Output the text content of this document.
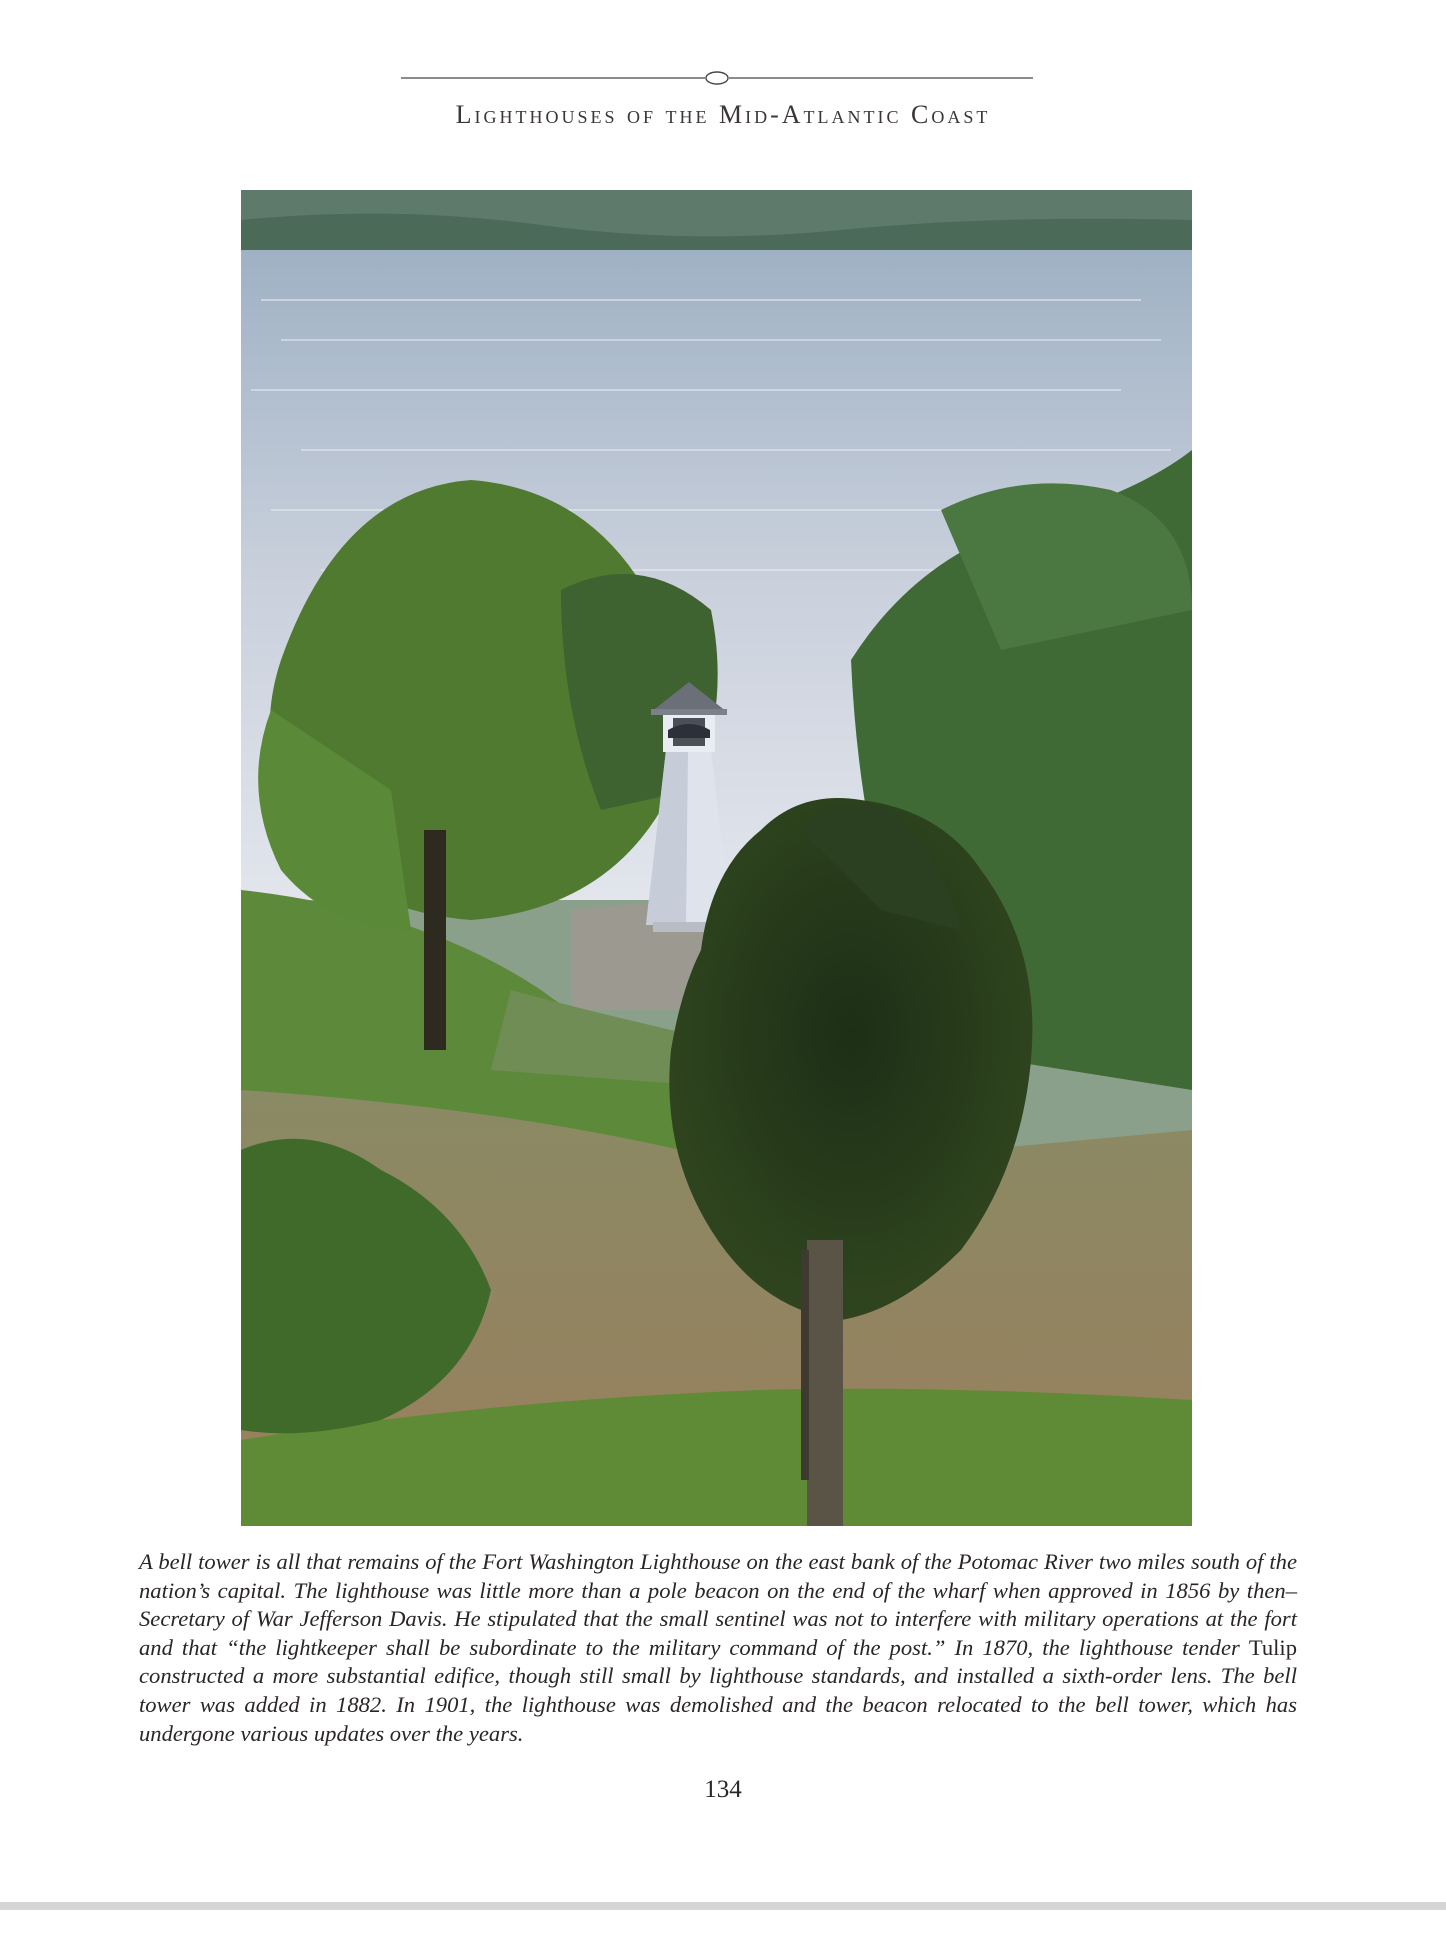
Lighthouses of the Mid-Atlantic Coast
A bell tower is all that remains of the Fort Washington Lighthouse on the east bank of the Potomac River two miles south of the nation’s capital. The lighthouse was little more than a pole beacon on the end of the wharf when approved in 1856 by then–Secretary of War Jefferson Davis. He stipulated that the small sentinel was not to interfere with military operations at the fort and that “the lightkeeper shall be subordinate to the military command of the post.” In 1870, the lighthouse tender Tulip constructed a more substantial edifice, though still small by lighthouse standards, and installed a sixth-order lens. The bell tower was added in 1882. In 1901, the lighthouse was demolished and the beacon relocated to the bell tower, which has undergone various updates over the years.
134
